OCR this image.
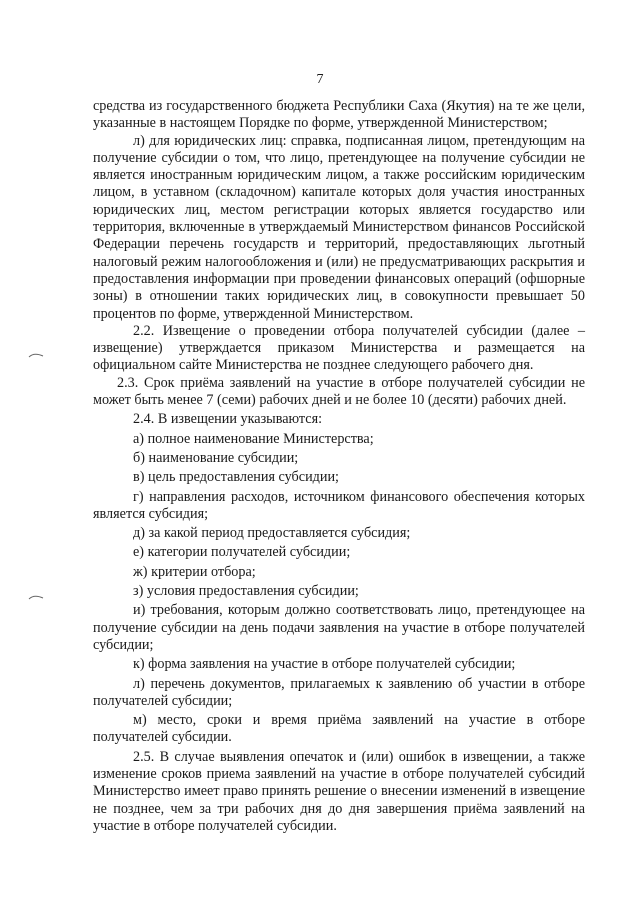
7

средства из государственного бюджета Республики Саха (Якутия) на те же цели, указанные в настоящем Порядке по форме, утвержденной Министерством;

л) для юридических лиц: справка, подписанная лицом, претендующим на получение субсидии о том, что лицо, претендующее на получение субсидии не является иностранным юридическим лицом, а также российским юридическим лицом, в уставном (складочном) капитале которых доля участия иностранных юридических лиц, местом регистрации которых является государство или территория, включенные в утверждаемый Министерством финансов Российской Федерации перечень государств и территорий, предоставляющих льготный налоговый режим налогообложения и (или) не предусматривающих раскрытия и предоставления информации при проведении финансовых операций (офшорные зоны) в отношении таких юридических лиц, в совокупности превышает 50 процентов по форме, утвержденной Министерством.

2.2. Извещение о проведении отбора получателей субсидии (далее – извещение) утверждается приказом Министерства и размещается на официальном сайте Министерства не позднее следующего рабочего дня.

2.3. Срок приёма заявлений на участие в отборе получателей субсидии не может быть менее 7 (семи) рабочих дней и не более 10 (десяти) рабочих дней.

2.4. В извещении указываются:

а) полное наименование Министерства;

б) наименование субсидии;

в) цель предоставления субсидии;

г) направления расходов, источником финансового обеспечения которых является субсидия;

д) за какой период предоставляется субсидия;

е) категории получателей субсидии;

ж) критерии отбора;

з) условия предоставления субсидии;

и) требования, которым должно соответствовать лицо, претендующее на получение субсидии на день подачи заявления на участие в отборе получателей субсидии;

к) форма заявления на участие в отборе получателей субсидии;

л) перечень документов, прилагаемых к заявлению об участии в отборе получателей субсидии;

м) место, сроки и время приёма заявлений на участие в отборе получателей субсидии.

2.5. В случае выявления опечаток и (или) ошибок в извещении, а также изменение сроков приема заявлений на участие в отборе получателей субсидий Министерство имеет право принять решение о внесении изменений в извещение не позднее, чем за три рабочих дня до дня завершения приёма заявлений на участие в отборе получателей субсидии.
